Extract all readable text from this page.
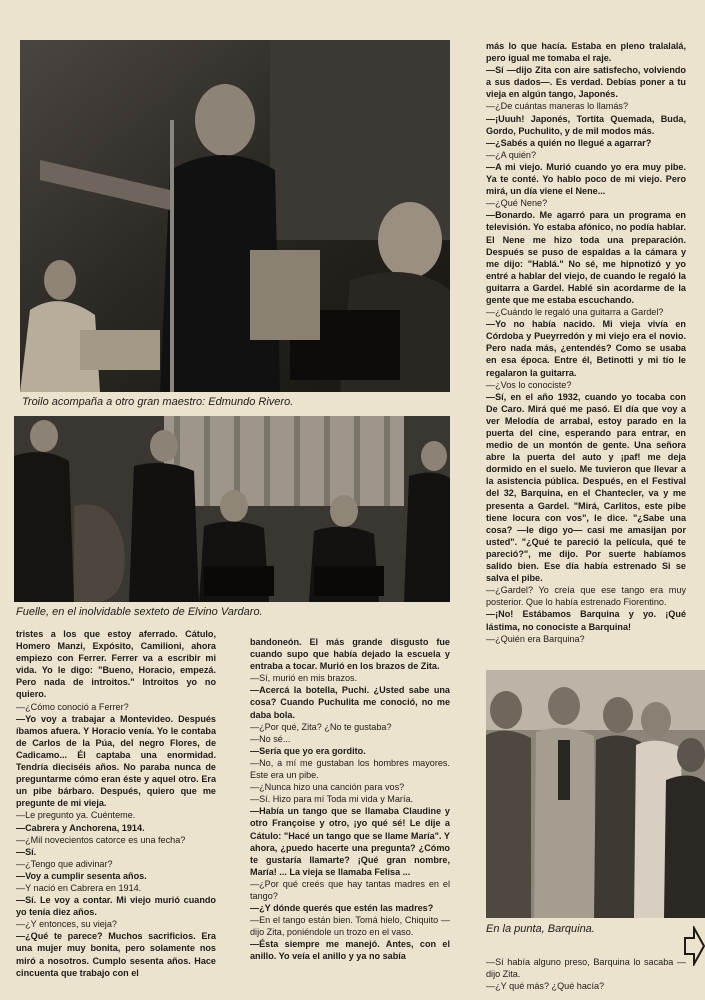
Troilo acompaña a otro gran maestro: Edmundo Rivero.
Fuelle, en el inolvidable sexteto de Elvino Vardaro.
En la punta, Barquina.

más lo que hacía. Estaba en pleno tralalalá, pero igual me tomaba el raje.

—Sí —dijo Zita con aire satisfecho, volviendo a sus dados—. Es verdad. Debías poner a tu vieja en algún tango, Japonés.

—¿De cuántas maneras lo llamás?

—¡Uuuh! Japonés, Tortita Quemada, Buda, Gordo, Puchulito, y de mil modos más.

—¿Sabés a quién no llegué a agarrar?

—¿A quién?

—A mi viejo. Murió cuando yo era muy pibe. Ya te conté. Yo hablo poco de mi viejo. Pero mirá, un día viene el Nene...

—¿Qué Nene?

—Bonardo. Me agarró para un programa en televisión. Yo estaba afónico, no podía hablar. El Nene me hizo toda una preparación. Después se puso de espaldas a la cámara y me dijo: "Hablá." No sé, me hipnotizó y yo entré a hablar del viejo, de cuando le regaló la guitarra a Gardel. Hablé sin acordarme de la gente que me estaba escuchando.

—¿Cuándo le regaló una guitarra a Gardel?

—Yo no había nacido. Mi vieja vivía en Córdoba y Pueyrredón y mi viejo era el novio. Pero nada más, ¿entendés? Como se usaba en esa época. Entre él, Betinotti y mi tío le regalaron la guitarra.

—¿Vos lo conociste?

—Sí, en el año 1932, cuando yo tocaba con De Caro. Mirá qué me pasó. El día que voy a ver Melodía de arrabal, estoy parado en la puerta del cine, esperando para entrar, en medio de un montón de gente. Una señora abre la puerta del auto y ¡paf! me deja dormido en el suelo. Me tuvieron que llevar a la asistencia pública. Después, en el Festival del 32, Barquina, en el Chantecler, va y me presenta a Gardel. "Mirá, Carlitos, este pibe tiene locura con vos", le dice. "¿Sabe una cosa? —le digo yo— casi me amasijan por usted". "¿Qué te pareció la película, qué te pareció?", me dijo. Por suerte habíamos salido bien. Ese día había estrenado Si se salva el pibe.

—¿Gardel? Yo creía que ese tango era muy posterior. Que lo había estrenado Fiorentino.

—¡No! Estábamos Barquina y yo. ¡Qué lástima, no conociste a Barquina!

—¿Quién era Barquina?

tristes a los que estoy aferrado. Cátulo, Homero Manzi, Expósito, Camilioni, ahora empiezo con Ferrer. Ferrer va a escribir mi vida. Yo le digo: "Bueno, Horacio, empezá. Pero nada de introitos." Introitos yo no quiero.

—¿Cómo conoció a Ferrer?

—Yo voy a trabajar a Montevideo. Después íbamos afuera. Y Horacio venía. Yo le contaba de Carlos de la Púa, del negro Flores, de Cadicamo... Él captaba una enormidad. Tendría dieciséis años. No paraba nunca de preguntarme cómo eran éste y aquel otro. Era un pibe bárbaro. Después, quiero que me pregunte de mi vieja.

—Le pregunto ya. Cuénteme.

—Cabrera y Anchorena, 1914.

—¿Mil novecientos catorce es una fecha?

—Sí.

—¿Tengo que adivinar?

—Voy a cumplir sesenta años.

—Y nació en Cabrera en 1914.

—Sí. Le voy a contar. Mi viejo murió cuando yo tenía diez años.

—¿Y entonces, su vieja?

—¿Qué te parece? Muchos sacrificios. Era una mujer muy bonita, pero solamente nos miró a nosotros. Cumplo sesenta años. Hace cincuenta que trabajo con el

bandoneón. El más grande disgusto fue cuando supo que había dejado la escuela y entraba a tocar. Murió en los brazos de Zita.

—Sí, murió en mis brazos.

—Acercá la botella, Puchi. ¿Usted sabe una cosa? Cuando Puchulita me conoció, no me daba bola.

—¿Por qué, Zita? ¿No te gustaba?

—No sé...

—Sería que yo era gordito.

—No, a mí me gustaban los hombres mayores. Este era un pibe.

—¿Nunca hizo una canción para vos?

—Sí. Hizo para mí Toda mi vida y María.

—Había un tango que se llamaba Claudine y otro Françoise y otro, ¡yo qué sé! Le dije a Cátulo: "Hacé un tango que se llame María". Y ahora, ¿puedo hacerte una pregunta? ¿Cómo te gustaría llamarte? ¡Qué gran nombre, María! ... La vieja se llamaba Felisa ...

—¿Por qué creés que hay tantas madres en el tango?

—¿Y dónde querés que estén las madres?

—En el tango están bien. Tomá hielo, Chiquito —dijo Zita, poniéndole un trozo en el vaso.

—Ésta siempre me manejó. Antes, con el anillo. Yo veía el anillo y ya no sabía

—Sí había alguno preso, Barquina lo sacaba —dijo Zita.

—¿Y qué más? ¿Qué hacía?
